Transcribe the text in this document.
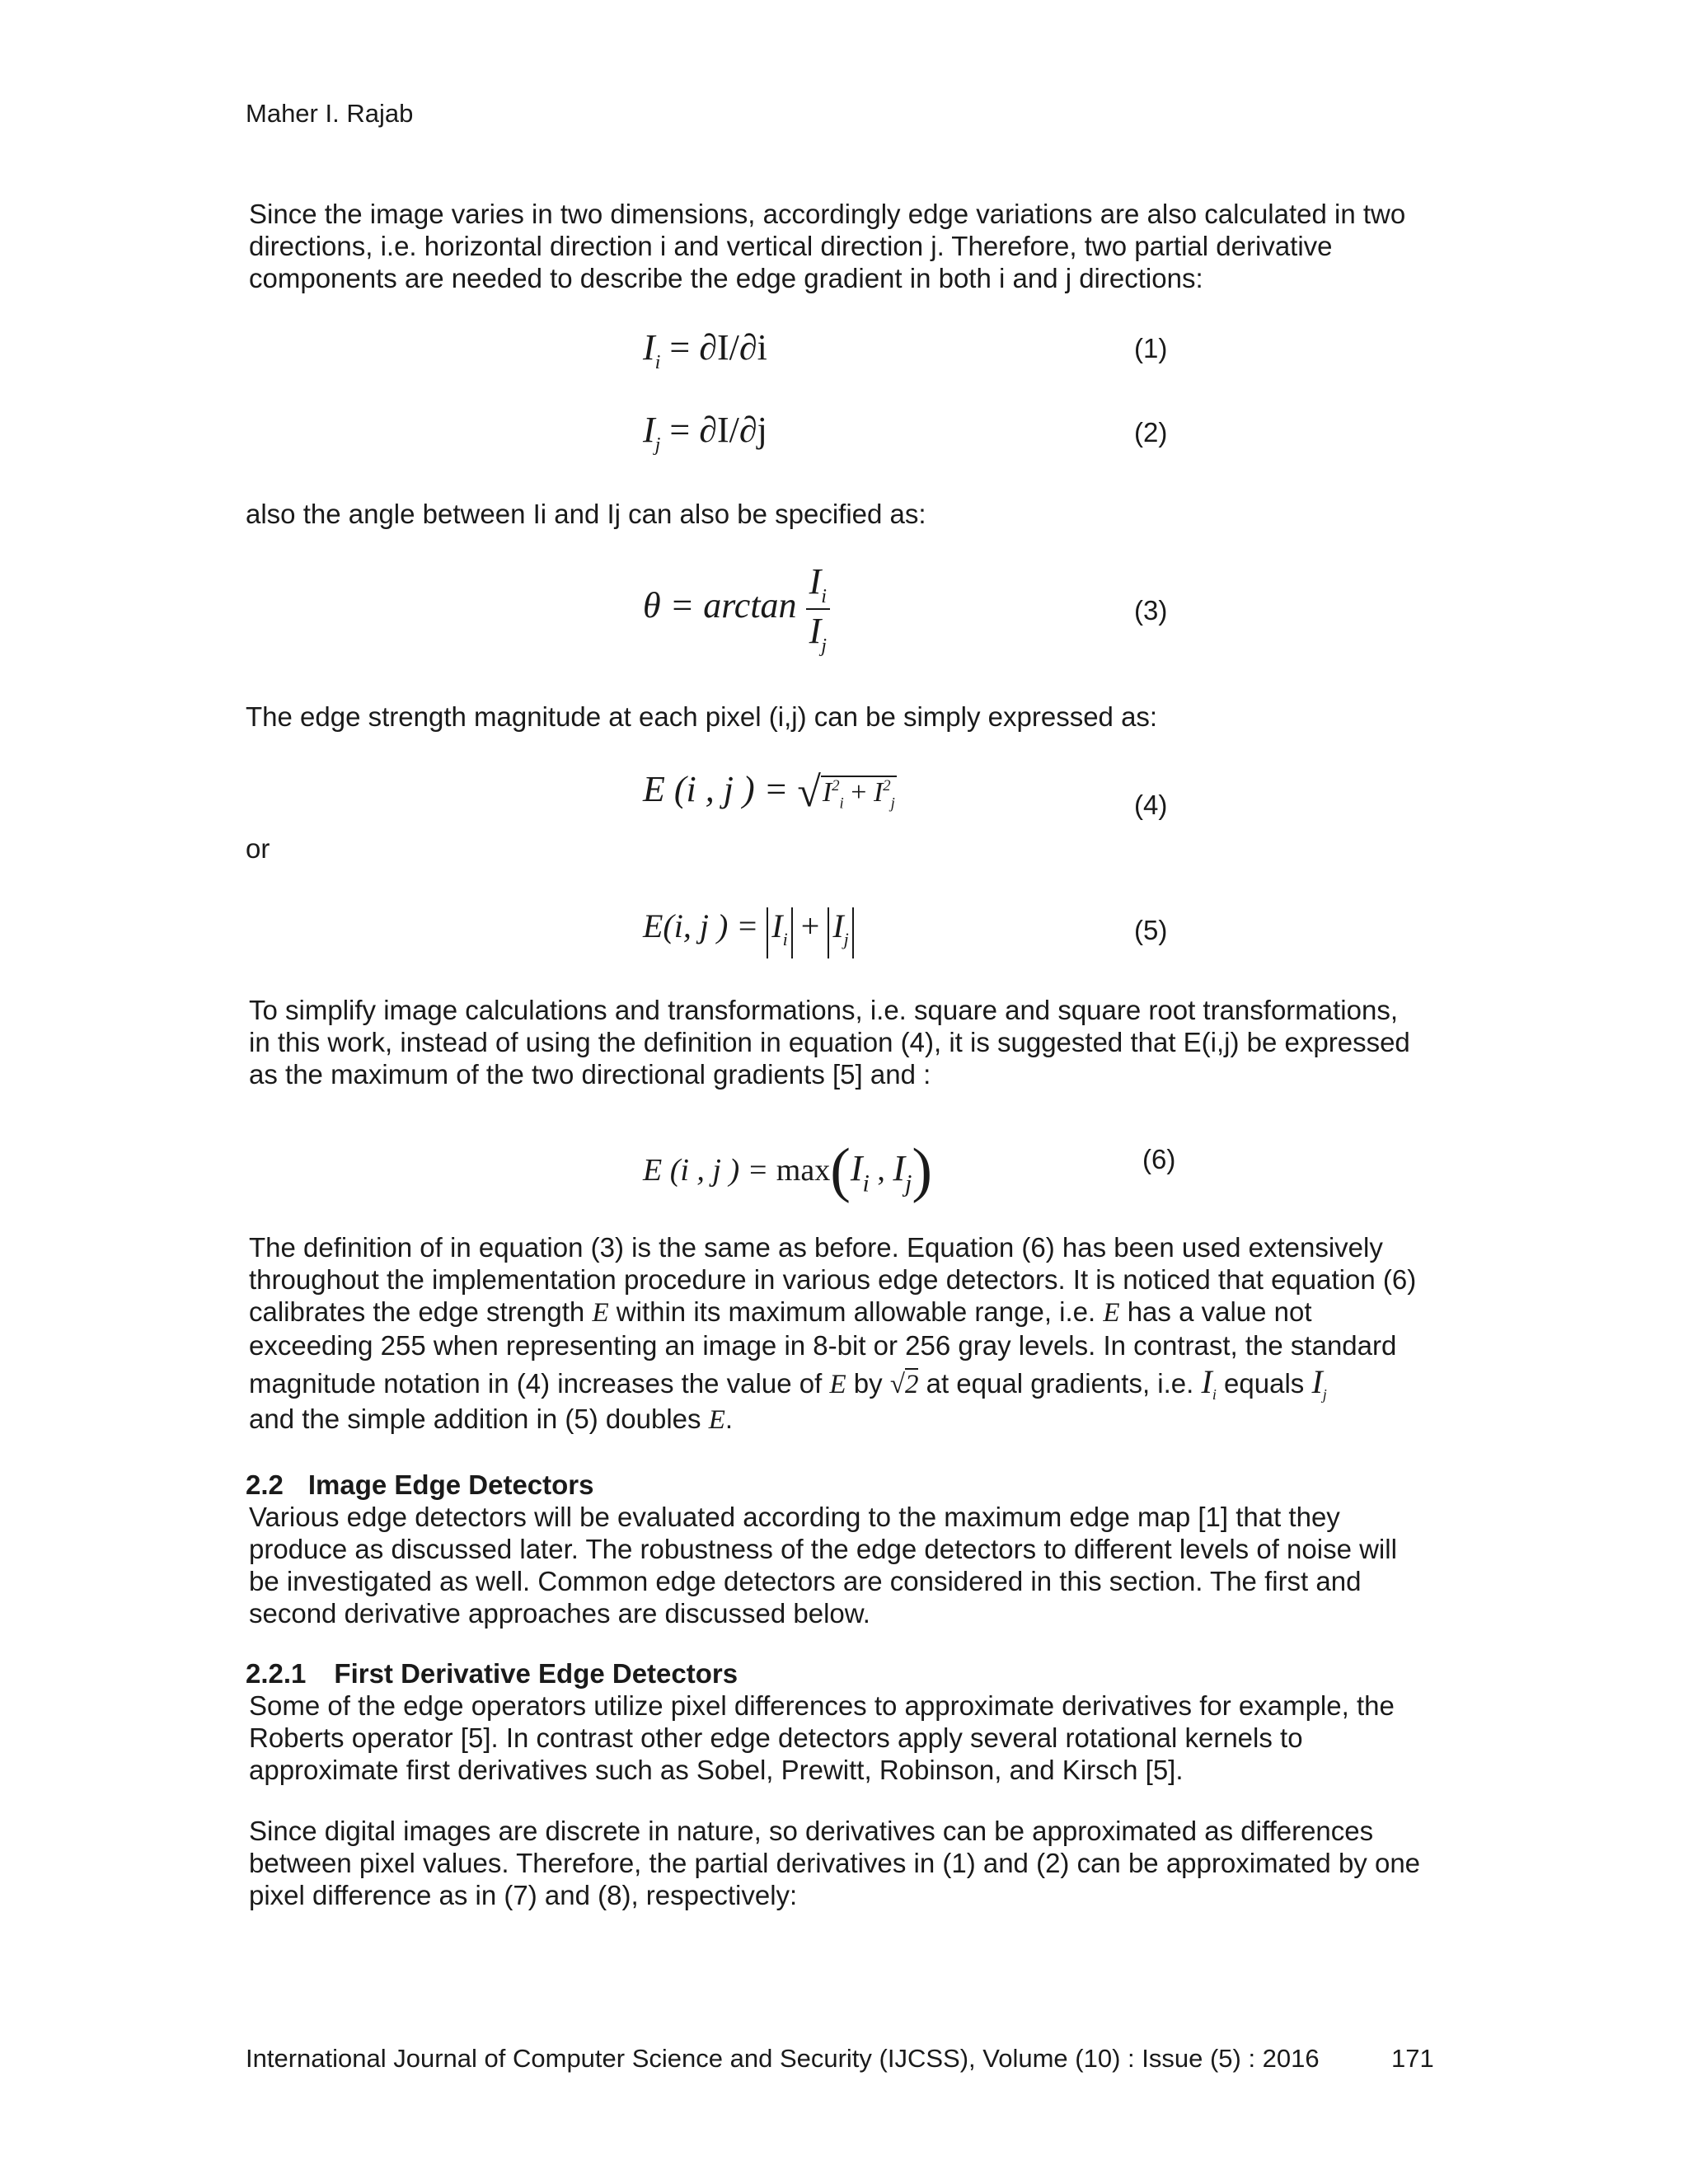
Maher I. Rajab
Since the image varies in two dimensions, accordingly edge variations are also calculated in two
directions, i.e. horizontal direction i and vertical direction j. Therefore, two partial derivative
components are needed to describe the edge gradient in both i and j directions:
$I_i = \partial I/\partial i$	(1)
$I_j = \partial I/\partial j$	(2)
also the angle between Ii and Ij can also be specified as:
$\theta = \arctan \frac{I_i}{I_j}$	(3)
The edge strength magnitude at each pixel (i,j) can be simply expressed as:
E (i , j ) = $√I^2_i + I^2_j$	(4)
or
E(i, j ) = $I_i + I_j$	(5)
To simplify image calculations and transformations, i.e. square and square root transformations,
in this work, instead of using the definition in equation (4), it is suggested that E(i,j) be expressed
as the maximum of the two directional gradients [5] and :
E (i , j ) = $\max(I_i$ , $I_j$)	(6)
The definition of in equation (3) is the same as before. Equation (6) has been used extensively
throughout the implementation procedure in various edge detectors. It is noticed that equation (6)
calibrates the edge strength E within its maximum allowable range, i.e. E has a value not
exceeding 255 when representing an image in 8-bit or 256 gray levels. In contrast, the standard
magnitude notation in (4) increases the value of E by √2 at equal gradients, i.e. $I_i$ equals $I_j$
and the simple addition in (5) doubles E.
2.2 Image Edge Detectors
Various edge detectors will be evaluated according to the maximum edge map [1] that they
produce as discussed later. The robustness of the edge detectors to different levels of noise will
be investigated as well. Common edge detectors are considered in this section. The first and
second derivative approaches are discussed below.
2.2.1 First Derivative Edge Detectors
Some of the edge operators utilize pixel differences to approximate derivatives for example, the
Roberts operator [5]. In contrast other edge detectors apply several rotational kernels to
approximate first derivatives such as Sobel, Prewitt, Robinson, and Kirsch [5].
Since digital images are discrete in nature, so derivatives can be approximated as differences
between pixel values. Therefore, the partial derivatives in (1) and (2) can be approximated by one
pixel difference as in (7) and (8), respectively:
International Journal of Computer Science and Security (IJCSS), Volume (10) : Issue (5) : 2016	171
